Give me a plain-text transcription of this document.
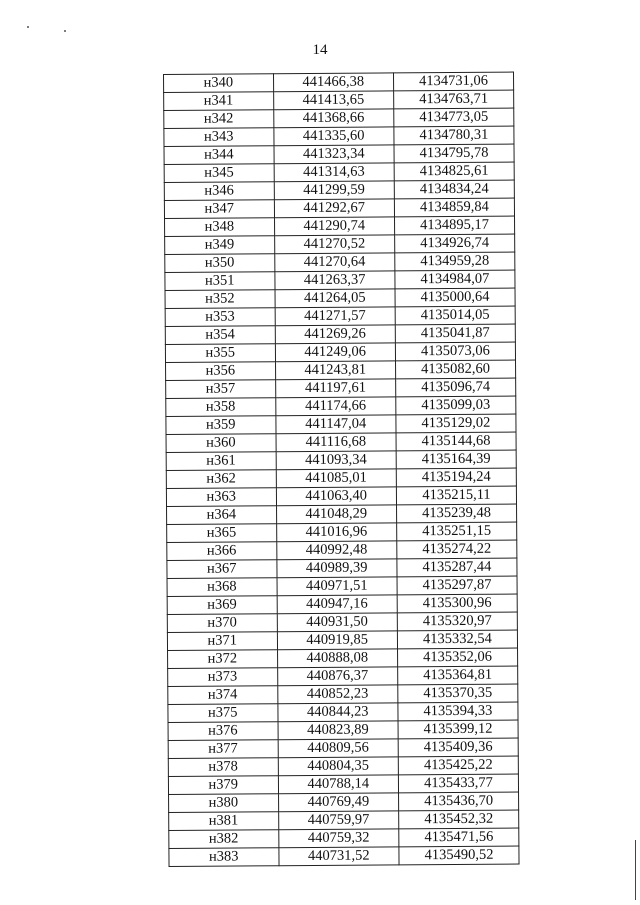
14
н340	441466,38	4134731,06
н341	441413,65	4134763,71
н342	441368,66	4134773,05
н343	441335,60	4134780,31
н344	441323,34	4134795,78
н345	441314,63	4134825,61
н346	441299,59	4134834,24
н347	441292,67	4134859,84
н348	441290,74	4134895,17
н349	441270,52	4134926,74
н350	441270,64	4134959,28
н351	441263,37	4134984,07
н352	441264,05	4135000,64
н353	441271,57	4135014,05
н354	441269,26	4135041,87
н355	441249,06	4135073,06
н356	441243,81	4135082,60
н357	441197,61	4135096,74
н358	441174,66	4135099,03
н359	441147,04	4135129,02
н360	441116,68	4135144,68
н361	441093,34	4135164,39
н362	441085,01	4135194,24
н363	441063,40	4135215,11
н364	441048,29	4135239,48
н365	441016,96	4135251,15
н366	440992,48	4135274,22
н367	440989,39	4135287,44
н368	440971,51	4135297,87
н369	440947,16	4135300,96
н370	440931,50	4135320,97
н371	440919,85	4135332,54
н372	440888,08	4135352,06
н373	440876,37	4135364,81
н374	440852,23	4135370,35
н375	440844,23	4135394,33
н376	440823,89	4135399,12
н377	440809,56	4135409,36
н378	440804,35	4135425,22
н379	440788,14	4135433,77
н380	440769,49	4135436,70
н381	440759,97	4135452,32
н382	440759,32	4135471,56
н383	440731,52	4135490,52
